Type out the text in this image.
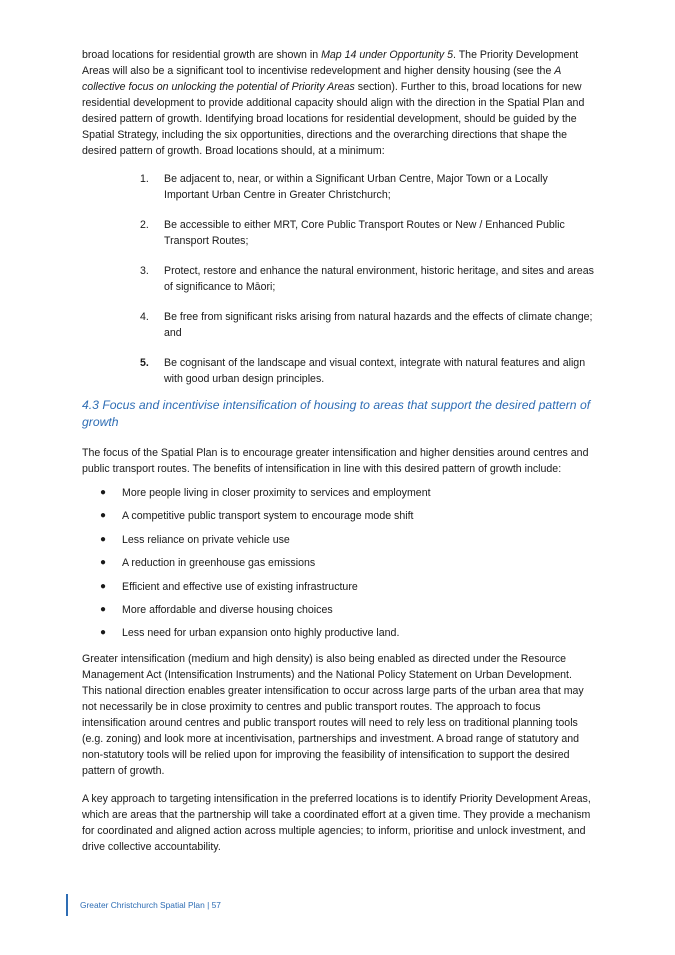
broad locations for residential growth are shown in Map 14 under Opportunity 5. The Priority Development Areas will also be a significant tool to incentivise redevelopment and higher density housing (see the A collective focus on unlocking the potential of Priority Areas section). Further to this, broad locations for new residential development to provide additional capacity should align with the direction in the Spatial Plan and desired pattern of growth. Identifying broad locations for residential development, should be guided by the Spatial Strategy, including the six opportunities, directions and the overarching directions that shape the desired pattern of growth. Broad locations should, at a minimum:

1.	Be adjacent to, near, or within a Significant Urban Centre, Major Town or a Locally Important Urban Centre in Greater Christchurch;
2.	Be accessible to either MRT, Core Public Transport Routes or New / Enhanced Public Transport Routes;
3.	Protect, restore and enhance the natural environment, historic heritage, and sites and areas of significance to Māori;
4.	Be free from significant risks arising from natural hazards and the effects of climate change; and
5.	Be cognisant of the landscape and visual context, integrate with natural features and align with good urban design principles.
4.3 Focus and incentivise intensification of housing to areas that support the desired pattern of growth

The focus of the Spatial Plan is to encourage greater intensification and higher densities around centres and public transport routes. The benefits of intensification in line with this desired pattern of growth include:

●	More people living in closer proximity to services and employment
●	A competitive public transport system to encourage mode shift
●	Less reliance on private vehicle use
●	A reduction in greenhouse gas emissions
●	Efficient and effective use of existing infrastructure
●	More affordable and diverse housing choices
●	Less need for urban expansion onto highly productive land.

Greater intensification (medium and high density) is also being enabled as directed under the Resource Management Act (Intensification Instruments) and the National Policy Statement on Urban Development. This national direction enables greater intensification to occur across large parts of the urban area that may not necessarily be in close proximity to centres and public transport routes. The approach to focus intensification around centres and public transport routes will need to rely less on traditional planning tools (e.g. zoning) and look more at incentivisation, partnerships and investment. A broad range of statutory and non-statutory tools will be relied upon for improving the feasibility of intensification to support the desired pattern of growth.

A key approach to targeting intensification in the preferred locations is to identify Priority Development Areas, which are areas that the partnership will take a coordinated effort at a given time. They provide a mechanism for coordinated and aligned action across multiple agencies; to inform, prioritise and unlock investment, and drive collective accountability.

Greater Christchurch Spatial Plan | 57
